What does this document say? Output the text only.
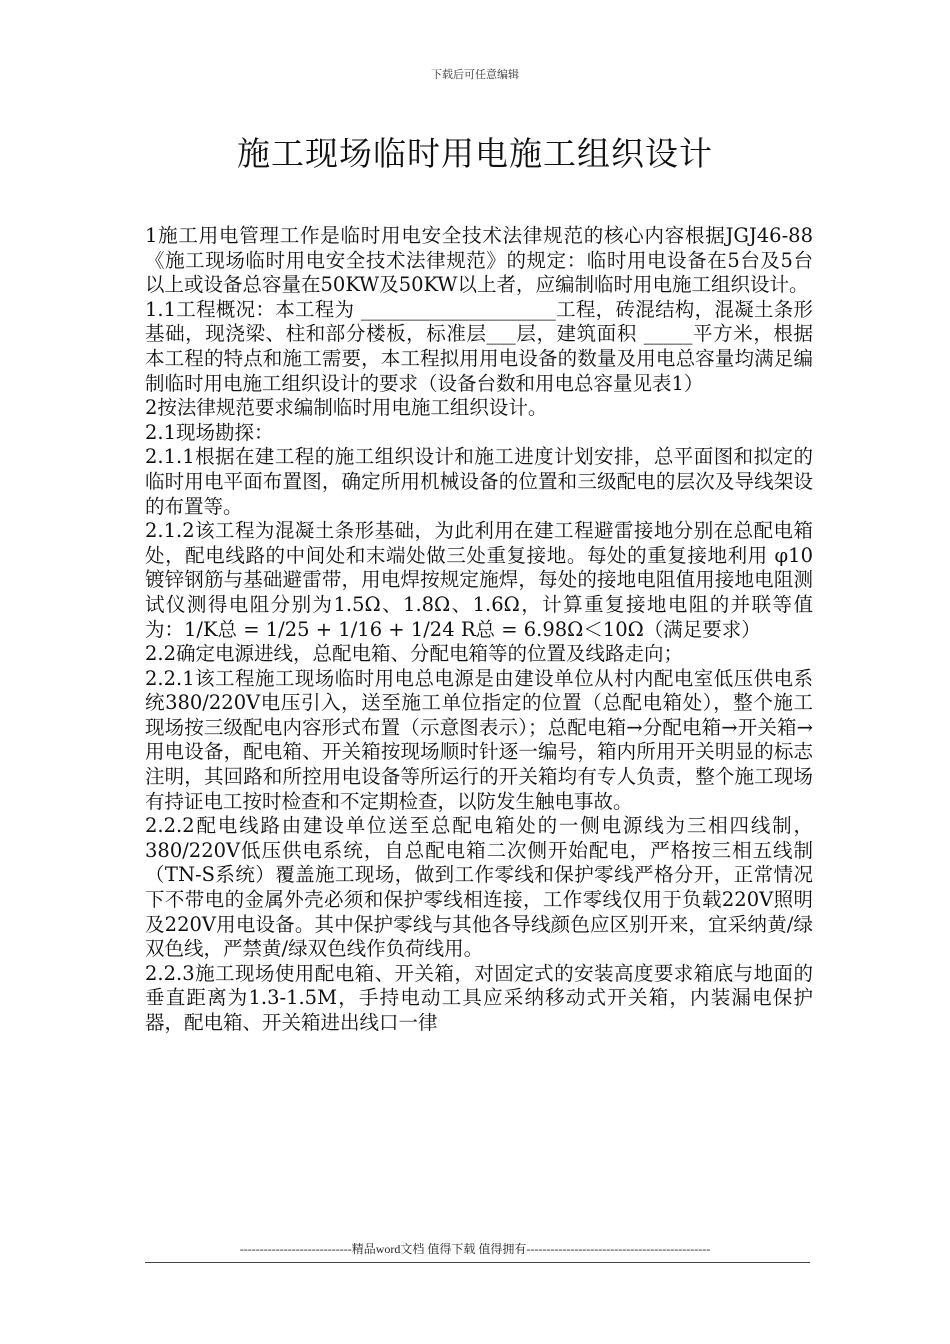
下载后可任意编辑
施工现场临时用电施工组织设计

1施工用电管理工作是临时用电安全技术法律规范的核心内容根据JGJ46-88《施工现场临时用电安全技术法律规范》的规定：临时用电设备在5台及5台以上或设备总容量在50KW及50KW以上者，应编制临时用电施工组织设计。

1.1工程概况：本工程为 ____________________工程，砖混结构，混凝土条形基础，现浇梁、柱和部分楼板，标准层___层，建筑面积 _____平方米，根据本工程的特点和施工需要，本工程拟用用电设备的数量及用电总容量均满足编制临时用电施工组织设计的要求（设备台数和用电总容量见表1）

2按法律规范要求编制临时用电施工组织设计。

2.1现场勘探：

2.1.1根据在建工程的施工组织设计和施工进度计划安排，总平面图和拟定的临时用电平面布置图，确定所用机械设备的位置和三级配电的层次及导线架设的布置等。

2.1.2该工程为混凝土条形基础，为此利用在建工程避雷接地分别在总配电箱处，配电线路的中间处和末端处做三处重复接地。每处的重复接地利用 φ10镀锌钢筋与基础避雷带，用电焊按规定施焊，每处的接地电阻值用接地电阻测试仪测得电阻分别为1.5Ω、1.8Ω、1.6Ω，计算重复接地电阻的并联等值为：1/K总 = 1/25 + 1/16 + 1/24 R总 = 6.98Ω＜10Ω（满足要求）

2.2确定电源进线，总配电箱、分配电箱等的位置及线路走向；

2.2.1该工程施工现场临时用电总电源是由建设单位从村内配电室低压供电系统380/220V电压引入，送至施工单位指定的位置（总配电箱处），整个施工现场按三级配电内容形式布置（示意图表示）；总配电箱→分配电箱→开关箱→用电设备，配电箱、开关箱按现场顺时针逐一编号，箱内所用开关明显的标志注明，其回路和所控用电设备等所运行的开关箱均有专人负责，整个施工现场有持证电工按时检查和不定期检查，以防发生触电事故。

2.2.2配电线路由建设单位送至总配电箱处的一侧电源线为三相四线制，380/220V低压供电系统，自总配电箱二次侧开始配电，严格按三相五线制（TN-S系统）覆盖施工现场，做到工作零线和保护零线严格分开，正常情况下不带电的金属外壳必须和保护零线相连接，工作零线仅用于负载220V照明及220V用电设备。其中保护零线与其他各导线颜色应区别开来，宜采纳黄/绿双色线，严禁黄/绿双色线作负荷线用。

2.2.3施工现场使用配电箱、开关箱，对固定式的安装高度要求箱底与地面的垂直距离为1.3-1.5M，手持电动工具应采纳移动式开关箱，内装漏电保护器，配电箱、开关箱进出线口一律

----------------------------精品word文档 值得下载 值得拥有----------------------------------------------
